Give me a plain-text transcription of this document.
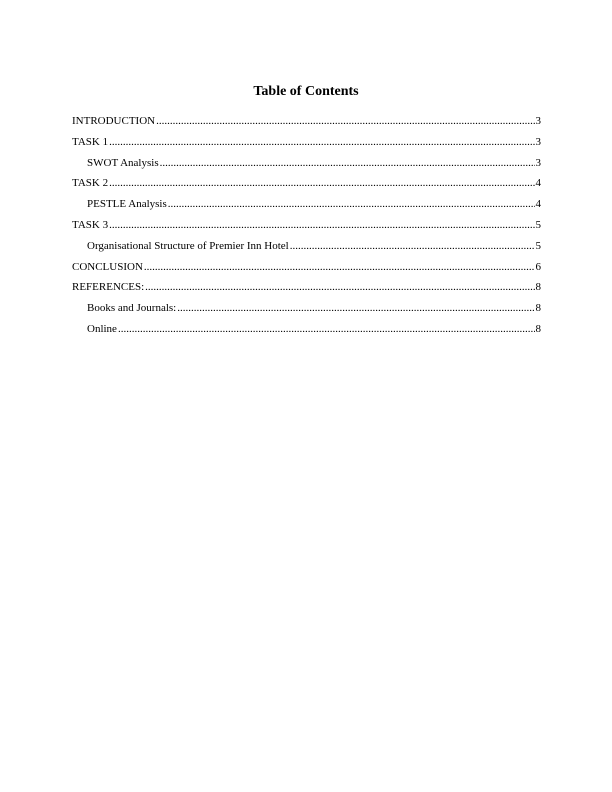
Table of Contents
INTRODUCTION .....	3
TASK 1 .....	3
SWOT Analysis .....	3
TASK 2 .....	4
PESTLE Analysis .....	4
TASK 3 .....	5
Organisational Structure of Premier Inn Hotel .....	5
CONCLUSION .....	6
REFERENCES: .....	8
Books and Journals: .....	8
Online .....	8
